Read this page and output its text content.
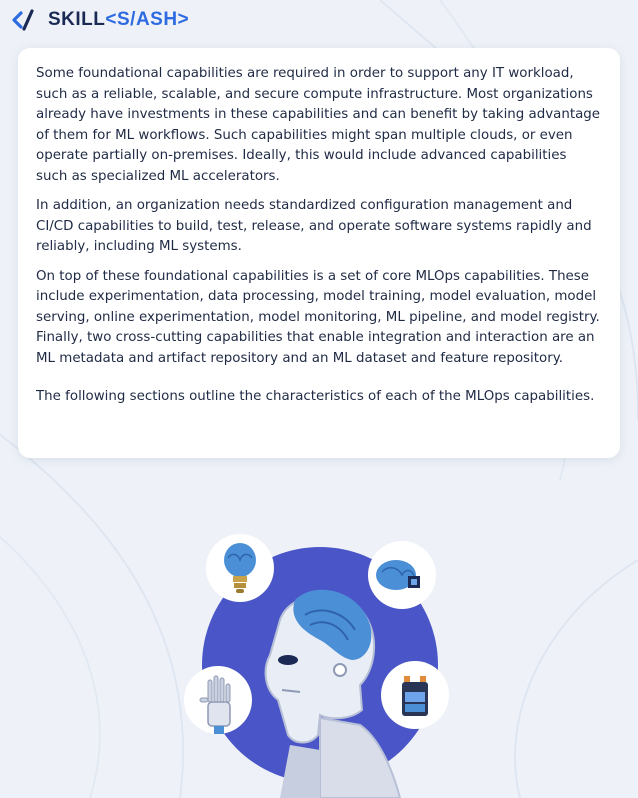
SKILL<S/ASH>

Some foundational capabilities are required in order to support any IT workload, such as a reliable, scalable, and secure compute infrastructure. Most organizations already have investments in these capabilities and can benefit by taking advantage of them for ML workflows. Such capabilities might span multiple clouds, or even operate partially on-premises. Ideally, this would include advanced capabilities such as specialized ML accelerators.

In addition, an organization needs standardized configuration management and CI/CD capabilities to build, test, release, and operate software systems rapidly and reliably, including ML systems.

On top of these foundational capabilities is a set of core MLOps capabilities. These include experimentation, data processing, model training, model evaluation, model serving, online experimentation, model monitoring, ML pipeline, and model registry. Finally, two cross-cutting capabilities that enable integration and interaction are an ML metadata and artifact repository and an ML dataset and feature repository.

The following sections outline the characteristics of each of the MLOps capabilities.
